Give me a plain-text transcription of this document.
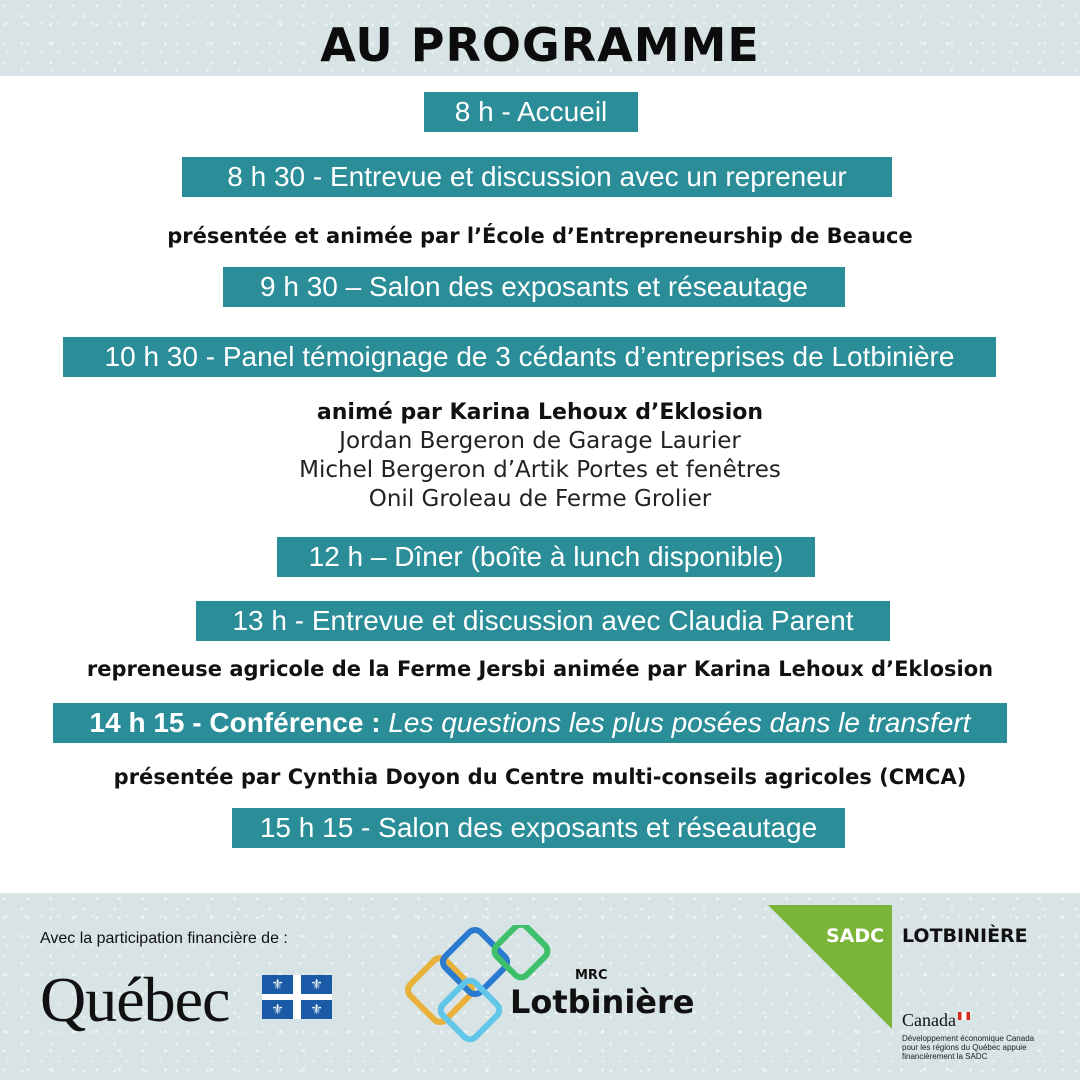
AU PROGRAMME
8 h - Accueil
8 h 30 - Entrevue et discussion avec un repreneur
présentée et animée par l’École d’Entrepreneurship de Beauce
9 h 30 – Salon des exposants et réseautage
10 h 30 - Panel témoignage de 3 cédants d’entreprises de Lotbinière
animé par Karina Lehoux d’Eklosion
Jordan Bergeron de Garage Laurier
Michel Bergeron d’Artik Portes et fenêtres
Onil Groleau de Ferme Grolier
12 h – Dîner (boîte à lunch disponible)
13 h - Entrevue et discussion avec Claudia Parent
repreneuse agricole de la Ferme Jersbi animée par Karina Lehoux d’Eklosion
14 h 15 - Conférence : Les questions les plus posées dans le transfert
présentée par Cynthia Doyon du Centre multi-conseils agricoles (CMCA)
15 h 15 - Salon des exposants et réseautage
Avec la participation financière de :
Québec	⚜	⚜
⚜	⚜
MRC
Lotbinière
SADC LOTBINIÈRE
Canada
Développement économique Canada pour les régions du Québec appuie financièrement la SADC
